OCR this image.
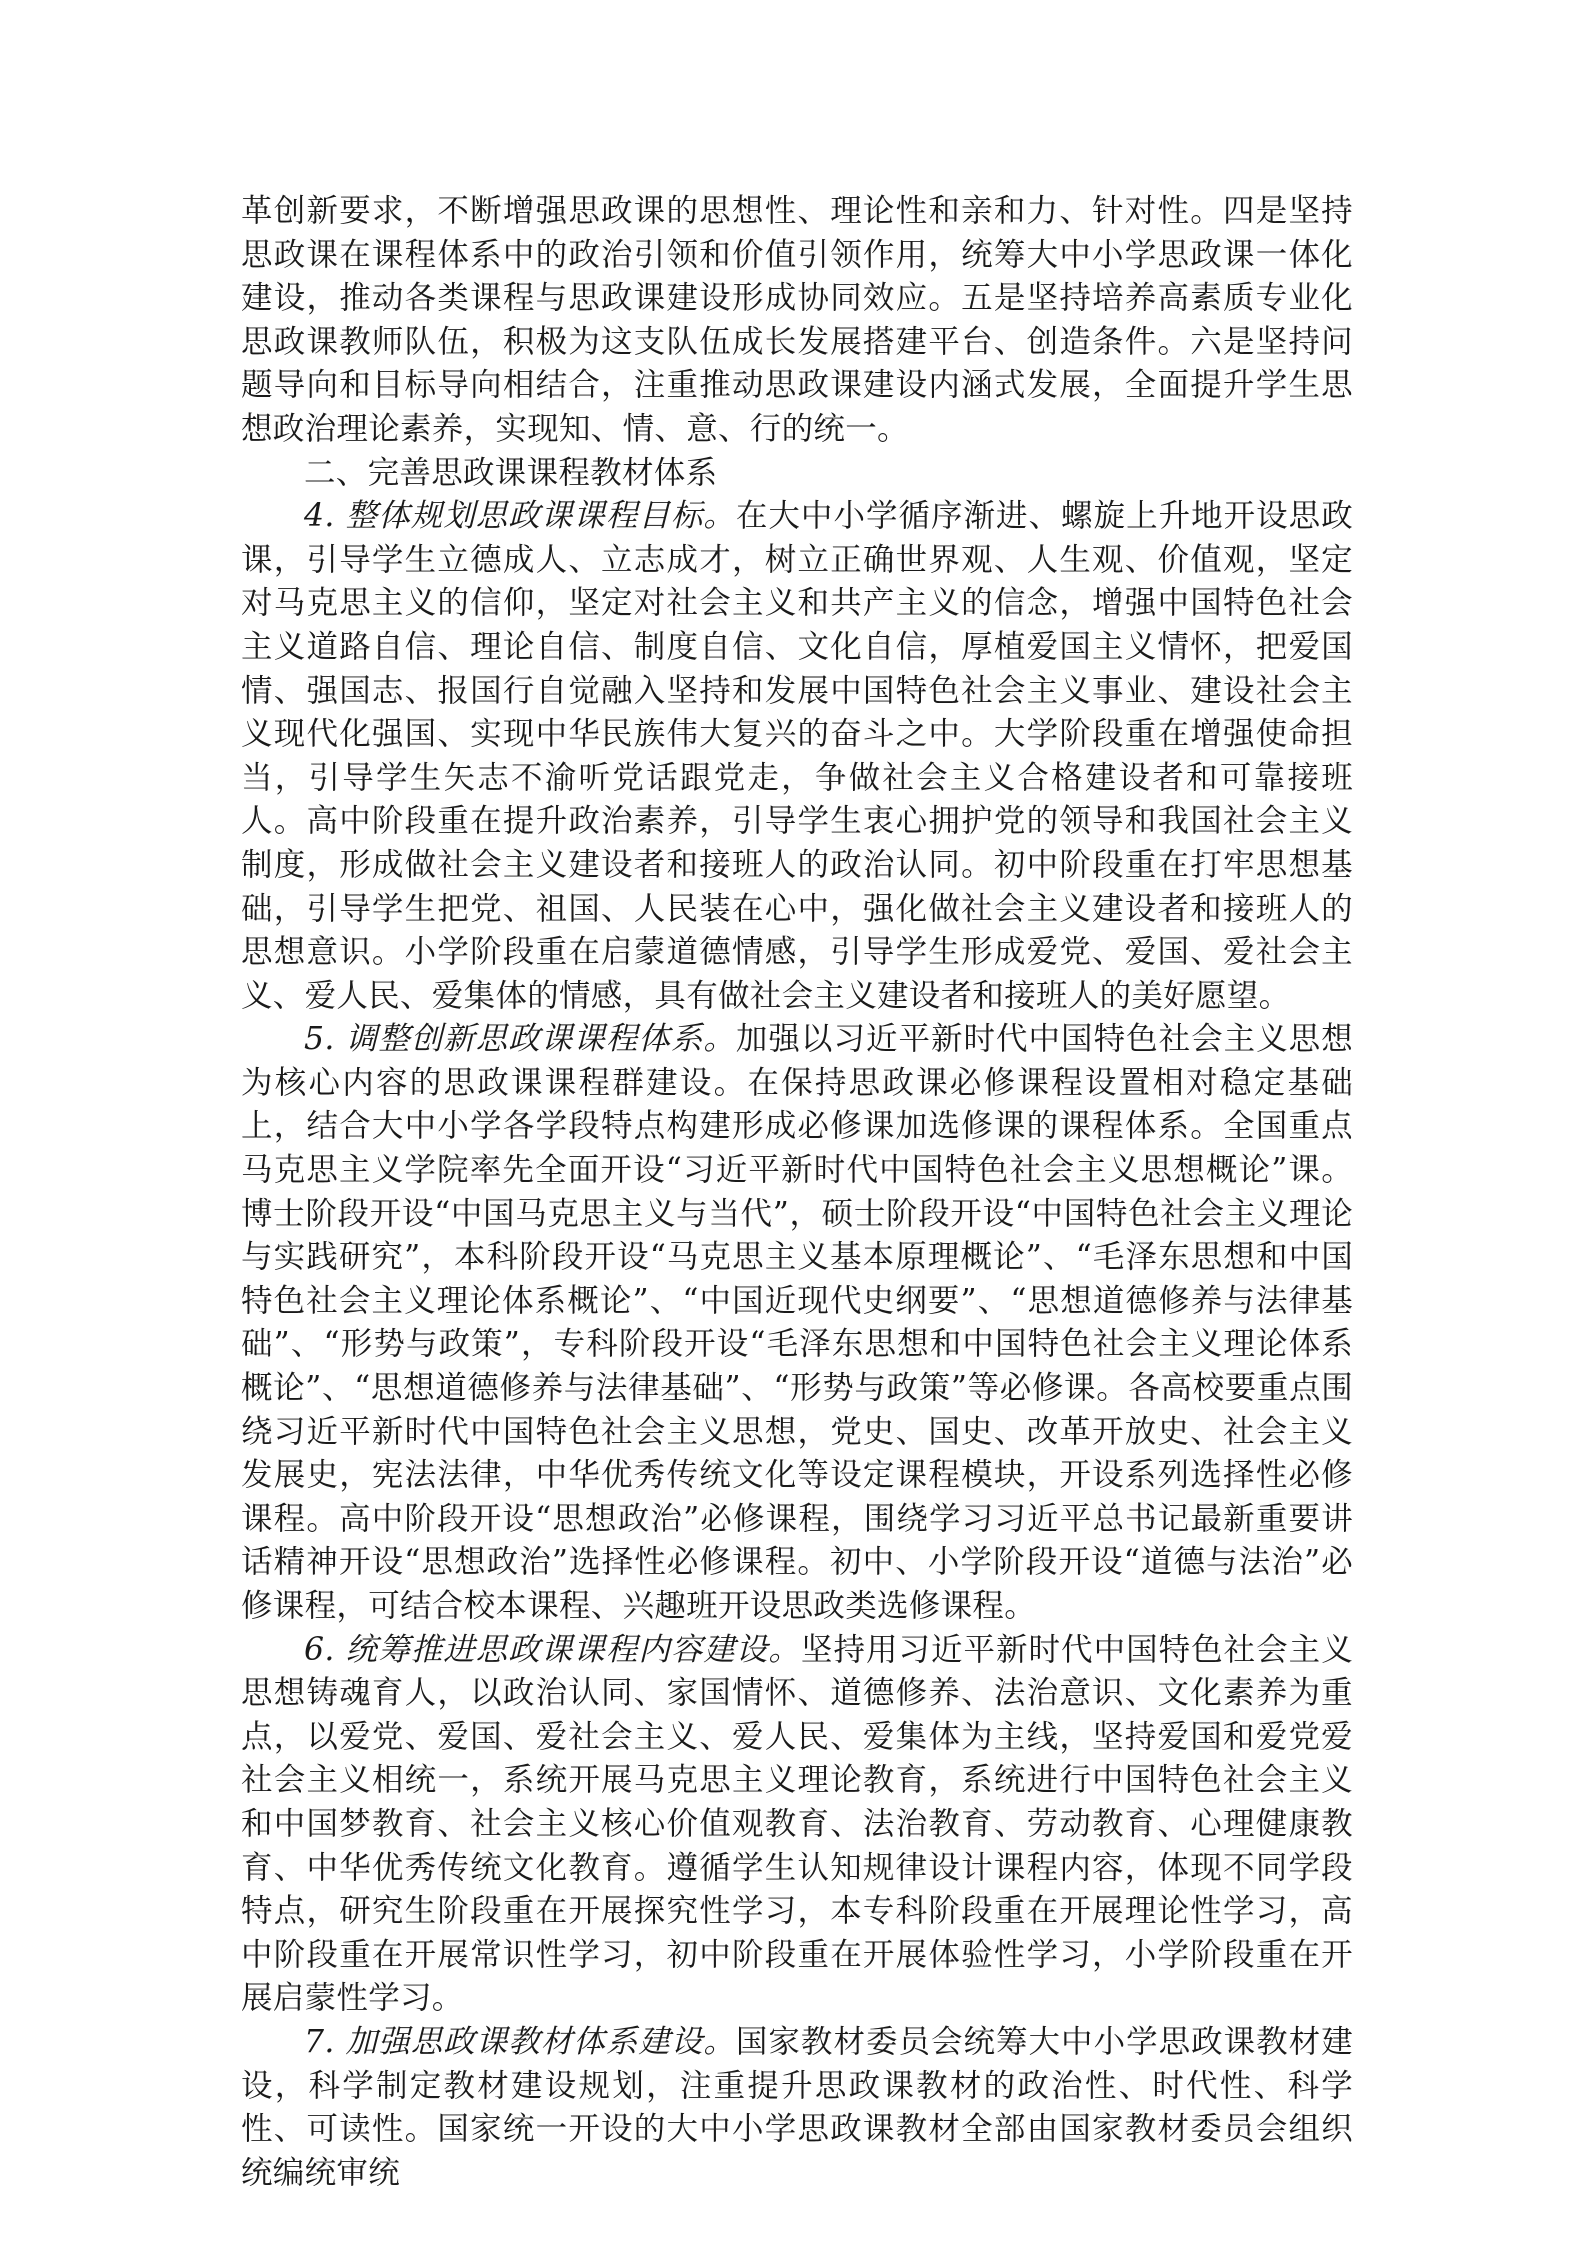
革创新要求，不断增强思政课的思想性、理论性和亲和力、针对性。四是坚持思政课在课程体系中的政治引领和价值引领作用，统筹大中小学思政课一体化建设，推动各类课程与思政课建设形成协同效应。五是坚持培养高素质专业化思政课教师队伍，积极为这支队伍成长发展搭建平台、创造条件。六是坚持问题导向和目标导向相结合，注重推动思政课建设内涵式发展，全面提升学生思想政治理论素养，实现知、情、意、行的统一。

二、完善思政课课程教材体系

4. 整体规划思政课课程目标。在大中小学循序渐进、螺旋上升地开设思政课，引导学生立德成人、立志成才，树立正确世界观、人生观、价值观，坚定对马克思主义的信仰，坚定对社会主义和共产主义的信念，增强中国特色社会主义道路自信、理论自信、制度自信、文化自信，厚植爱国主义情怀，把爱国情、强国志、报国行自觉融入坚持和发展中国特色社会主义事业、建设社会主义现代化强国、实现中华民族伟大复兴的奋斗之中。大学阶段重在增强使命担当，引导学生矢志不渝听党话跟党走，争做社会主义合格建设者和可靠接班人。高中阶段重在提升政治素养，引导学生衷心拥护党的领导和我国社会主义制度，形成做社会主义建设者和接班人的政治认同。初中阶段重在打牢思想基础，引导学生把党、祖国、人民装在心中，强化做社会主义建设者和接班人的思想意识。小学阶段重在启蒙道德情感，引导学生形成爱党、爱国、爱社会主义、爱人民、爱集体的情感，具有做社会主义建设者和接班人的美好愿望。

5. 调整创新思政课课程体系。加强以习近平新时代中国特色社会主义思想为核心内容的思政课课程群建设。在保持思政课必修课程设置相对稳定基础上，结合大中小学各学段特点构建形成必修课加选修课的课程体系。全国重点马克思主义学院率先全面开设“习近平新时代中国特色社会主义思想概论”课。博士阶段开设“中国马克思主义与当代”，硕士阶段开设“中国特色社会主义理论与实践研究”，本科阶段开设“马克思主义基本原理概论”、“毛泽东思想和中国特色社会主义理论体系概论”、“中国近现代史纲要”、“思想道德修养与法律基础”、“形势与政策”，专科阶段开设“毛泽东思想和中国特色社会主义理论体系概论”、“思想道德修养与法律基础”、“形势与政策”等必修课。各高校要重点围绕习近平新时代中国特色社会主义思想，党史、国史、改革开放史、社会主义发展史，宪法法律，中华优秀传统文化等设定课程模块，开设系列选择性必修课程。高中阶段开设“思想政治”必修课程，围绕学习习近平总书记最新重要讲话精神开设“思想政治”选择性必修课程。初中、小学阶段开设“道德与法治”必修课程，可结合校本课程、兴趣班开设思政类选修课程。

6. 统筹推进思政课课程内容建设。坚持用习近平新时代中国特色社会主义思想铸魂育人，以政治认同、家国情怀、道德修养、法治意识、文化素养为重点，以爱党、爱国、爱社会主义、爱人民、爱集体为主线，坚持爱国和爱党爱社会主义相统一，系统开展马克思主义理论教育，系统进行中国特色社会主义和中国梦教育、社会主义核心价值观教育、法治教育、劳动教育、心理健康教育、中华优秀传统文化教育。遵循学生认知规律设计课程内容，体现不同学段特点，研究生阶段重在开展探究性学习，本专科阶段重在开展理论性学习，高中阶段重在开展常识性学习，初中阶段重在开展体验性学习，小学阶段重在开展启蒙性学习。

7. 加强思政课教材体系建设。国家教材委员会统筹大中小学思政课教材建设，科学制定教材建设规划，注重提升思政课教材的政治性、时代性、科学性、可读性。国家统一开设的大中小学思政课教材全部由国家教材委员会组织统编统审统
